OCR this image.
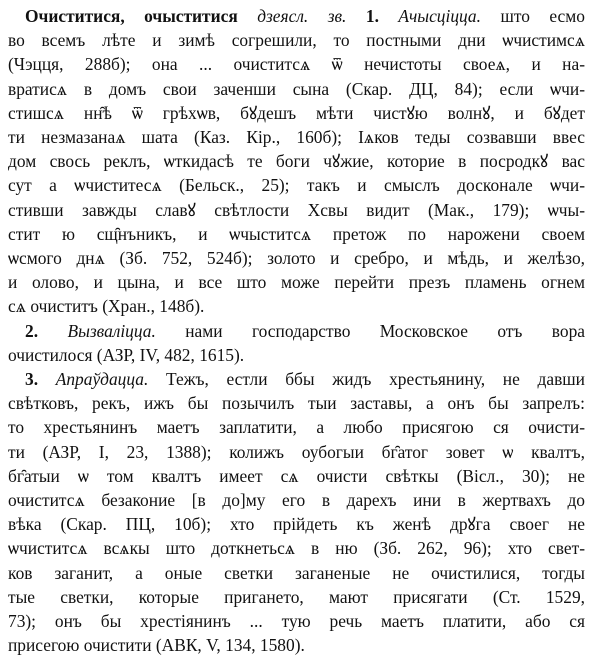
Очиститися, очыститися дзеясл. зв. 1. Ачысціцца. што есмо
во всемъ лѣте и зимѣ согрешили, то постными дни ѡчистимсѧ
(Чэцця, 288б); она ... очиститсѧ ѿ нечистоты своеѧ, и на-
вратисѧ в домъ свои заченши сына (Скар. ДЦ, 84); если ѡчи-
стишсѧ нн̑ѣ ѿ грѣхѡв, бꙋдешъ мѣти чистꙋю волнꙋ, и бꙋдет
ти незмазанаѧ шата (Каз. Кір., 160б); Іѧков теды созвавши ввес
дом свось реклъ, ѡткидасѣ те боги чꙋжие, которие в посродкꙋ вас
сут а ѡчиститесѧ (Бельск., 25); такъ и смыслъ досконале ѡчи-
стивши завжды славꙋ свѣтлости Хсвы видит (Мак., 179); ѡчы-
стит ю сщ̑нъникъ, и ѡчыститсѧ претож по нарожени своем
ѡсмого днѧ (Зб. 752, 524б); золото и сребро, и мѣдь, и желѣзо,
и олово, и цына, и все што може перейти презъ пламень огнем
сѧ очиститъ (Хран., 148б).
2. Вызваліцца. нами господарство Московское отъ вора
очистилося (АЗР, IV, 482, 1615).
3. Апраўдацца. Тежъ, естли ббы жидъ хрестьянину, не давши
свѣтковъ, рекъ, ижъ бы позычилъ тыи заставы, а онъ бы запрелъ:
то хрестьянинъ маетъ заплатити, а любо присягою ся очисти-
ти (АЗР, I, 23, 1388); колижъ оубогыи бг̑атог зовет ѡ квалтъ,
бг̑атыи ѡ том квалтъ имеет сѧ очисти свѣткы (Вісл., 30); не
очиститсѧ безаконие [в до]му его в дарехъ ини в жертвахъ до
вѣка (Скар. ПЦ, 10б); хто прійдеть къ женѣ дрꙋга своег не
ѡчиститсѧ всѧкы што доткнетьсѧ в ню (Зб. 262, 96); хто свет-
ков заганит, а оные светки заганеные не очистилися, тогды
тые светки, которые пригането, мают присягати (Ст. 1529,
73); онъ бы хрестіянинъ ... тую речь маетъ платити, або ся
присегою очистити (АВК, V, 134, 1580).
